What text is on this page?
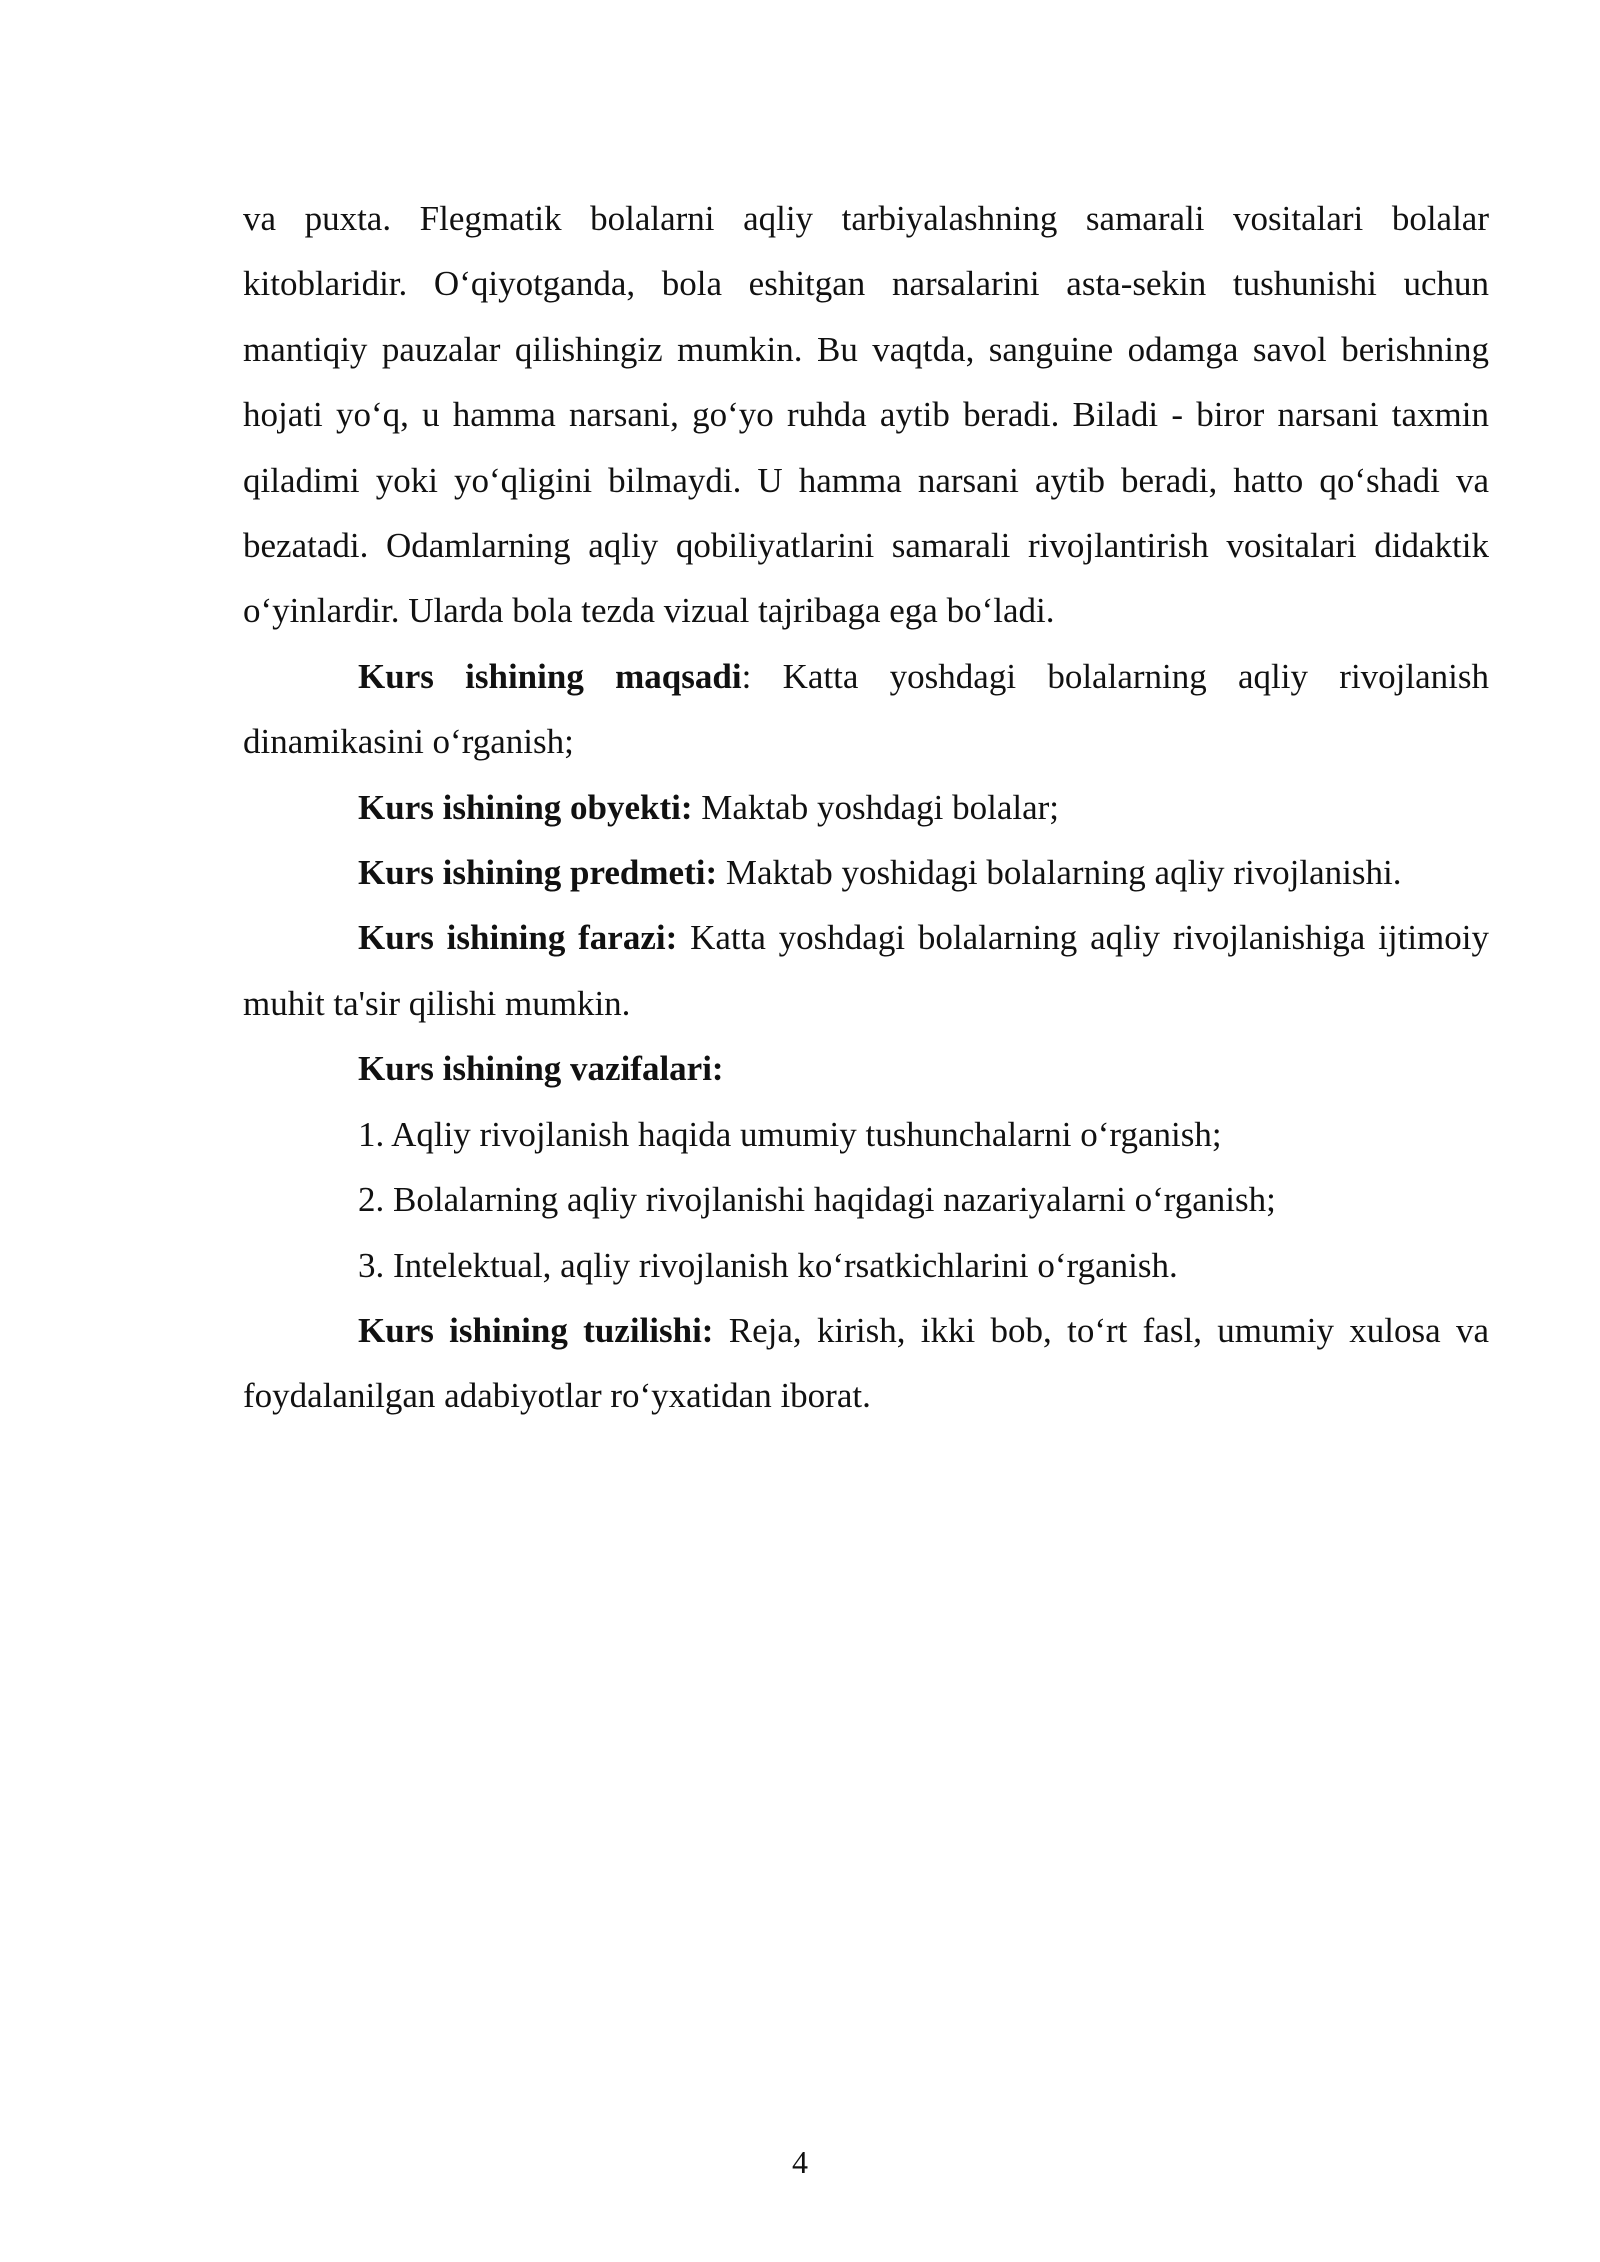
va puxta. Flegmatik bolalarni aqliy tarbiyalashning samarali vositalari bolalar kitoblaridir. O‘qiyotganda, bola eshitgan narsalarini asta-sekin tushunishi uchun mantiqiy pauzalar qilishingiz mumkin. Bu vaqtda, sanguine odamga savol berishning hojati yo‘q, u hamma narsani, go‘yo ruhda aytib beradi. Biladi - biror narsani taxmin qiladimi yoki yo‘qligini bilmaydi. U hamma narsani aytib beradi, hatto qo‘shadi va bezatadi. Odamlarning aqliy qobiliyatlarini samarali rivojlantirish vositalari didaktik o‘yinlardir. Ularda bola tezda vizual tajribaga ega bo‘ladi.

Kurs ishining maqsadi: Katta yoshdagi bolalarning aqliy rivojlanish dinamikasini o‘rganish;

Kurs ishining obyekti: Maktab yoshdagi bolalar;

Kurs ishining predmeti: Maktab yoshidagi bolalarning aqliy rivojlanishi.

Kurs ishining farazi: Katta yoshdagi bolalarning aqliy rivojlanishiga ijtimoiy muhit ta'sir qilishi mumkin.

Kurs ishining vazifalari:

1. Aqliy rivojlanish haqida umumiy tushunchalarni o‘rganish;

2. Bolalarning aqliy rivojlanishi haqidagi nazariyalarni o‘rganish;

3. Intelektual, aqliy rivojlanish ko‘rsatkichlarini o‘rganish.

Kurs ishining tuzilishi: Reja, kirish, ikki bob, to‘rt fasl, umumiy xulosa va foydalanilgan adabiyotlar ro‘yxatidan iborat.

4
